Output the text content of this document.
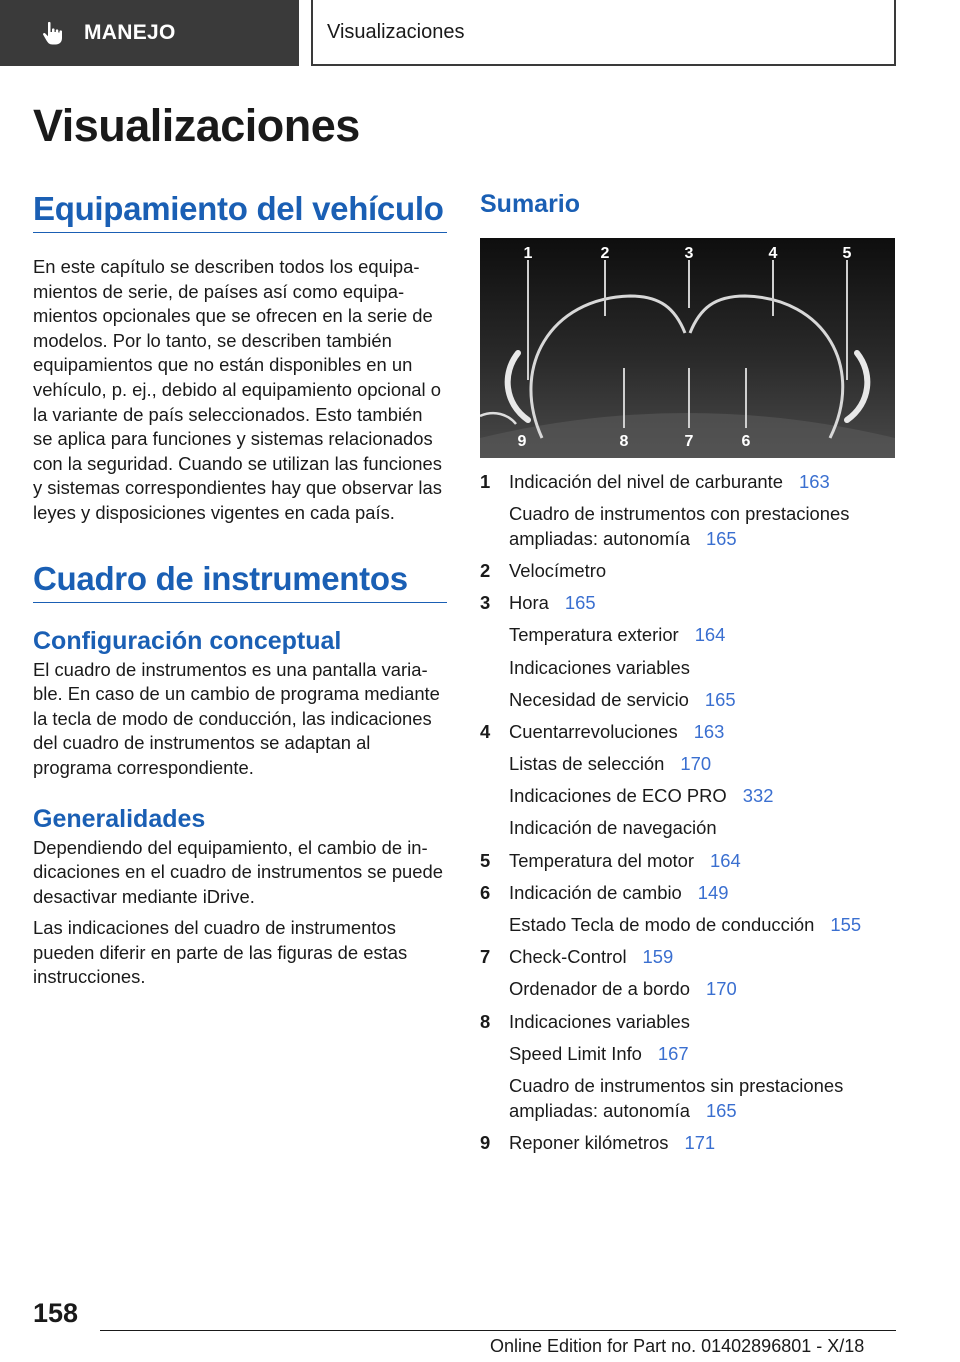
MANEJO	Visualizaciones
Visualizaciones
Equipamiento del vehículo
En este capítulo se describen todos los equipamientos de serie, de países así como equipamientos opcionales que se ofrecen en la serie de modelos. Por lo tanto, se describen también equipamientos que no están disponibles en un vehículo, p. ej., debido al equipamiento opcional o la variante de país seleccionados. Esto también se aplica para funciones y sistemas relacionados con la seguridad. Cuando se utilizan las funciones y sistemas correspondientes hay que observar las leyes y disposiciones vigentes en cada país.
Cuadro de instrumentos
Configuración conceptual
El cuadro de instrumentos es una pantalla variable. En caso de un cambio de programa mediante la tecla de modo de conducción, las indicaciones del cuadro de instrumentos se adaptan al programa correspondiente.
Generalidades
Dependiendo del equipamiento, el cambio de indicaciones en el cuadro de instrumentos se puede desactivar mediante iDrive.
Las indicaciones del cuadro de instrumentos pueden diferir en parte de las figuras de estas instrucciones.
Sumario
1	2	3	4	5
9	8	7	6
1 Indicación del nivel de carburante 163
Cuadro de instrumentos con prestaciones ampliadas: autonomía 165
2 Velocímetro
3 Hora 165
Temperatura exterior 164
Indicaciones variables
Necesidad de servicio 165
4 Cuentarrevoluciones 163
Listas de selección 170
Indicaciones de ECO PRO 332
Indicación de navegación
5 Temperatura del motor 164
6 Indicación de cambio 149
Estado Tecla de modo de conducción 155
7 Check-Control 159
Ordenador de a bordo 170
8 Indicaciones variables
Speed Limit Info 167
Cuadro de instrumentos sin prestaciones ampliadas: autonomía 165
9 Reponer kilómetros 171
158
Online Edition for Part no. 01402896801 - X/18
